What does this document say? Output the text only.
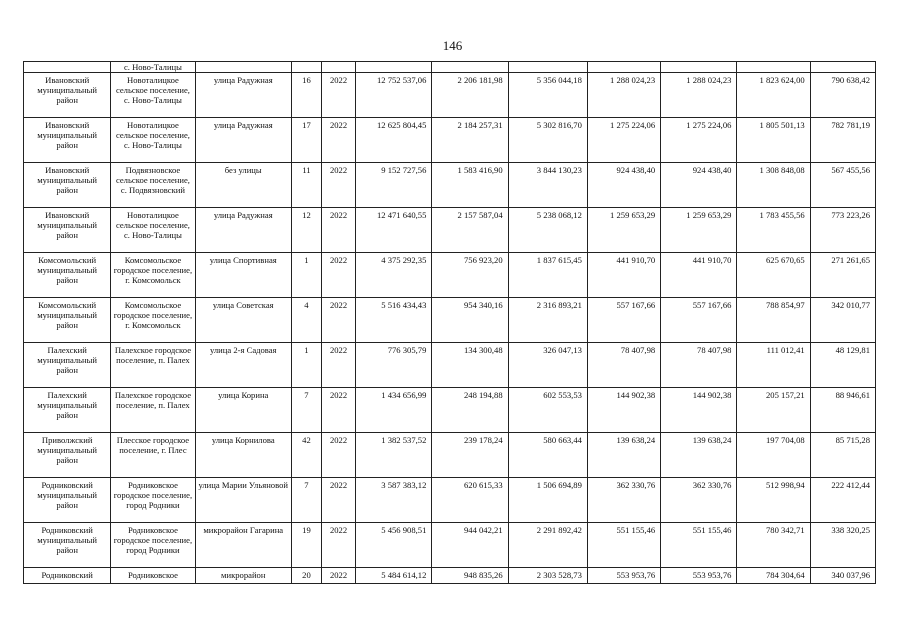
146
	с. Ново-Талицы										
Ивановский муниципальный район	Новоталицкое сельское поселение, с. Ново-Талицы	улица Радужная	16	2022	12 752 537,06	2 206 181,98	5 356 044,18	1 288 024,23	1 288 024,23	1 823 624,00	790 638,42
Ивановский муниципальный район	Новоталицкое сельское поселение, с. Ново-Талицы	улица Радужная	17	2022	12 625 804,45	2 184 257,31	5 302 816,70	1 275 224,06	1 275 224,06	1 805 501,13	782 781,19
Ивановский муниципальный район	Подвязновское сельское поселение, с. Подвязновский	без улицы	11	2022	9 152 727,56	1 583 416,90	3 844 130,23	924 438,40	924 438,40	1 308 848,08	567 455,56
Ивановский муниципальный район	Новоталицкое сельское поселение, с. Ново-Талицы	улица Радужная	12	2022	12 471 640,55	2 157 587,04	5 238 068,12	1 259 653,29	1 259 653,29	1 783 455,56	773 223,26
Комсомольский муниципальный район	Комсомольское городское поселение, г. Комсомольск	улица Спортивная	1	2022	4 375 292,35	756 923,20	1 837 615,45	441 910,70	441 910,70	625 670,65	271 261,65
Комсомольский муниципальный район	Комсомольское городское поселение, г. Комсомольск	улица Советская	4	2022	5 516 434,43	954 340,16	2 316 893,21	557 167,66	557 167,66	788 854,97	342 010,77
Палехский муниципальный район	Палехское городское поселение, п. Палех	улица 2-я Садовая	1	2022	776 305,79	134 300,48	326 047,13	78 407,98	78 407,98	111 012,41	48 129,81
Палехский муниципальный район	Палехское городское поселение, п. Палех	улица Корина	7	2022	1 434 656,99	248 194,88	602 553,53	144 902,38	144 902,38	205 157,21	88 946,61
Приволжский муниципальный район	Плесское городское поселение, г. Плес	улица Корнилова	42	2022	1 382 537,52	239 178,24	580 663,44	139 638,24	139 638,24	197 704,08	85 715,28
Родниковский муниципальный район	Родниковское городское поселение, город Родники	улица Марии Ульяновой	7	2022	3 587 383,12	620 615,33	1 506 694,89	362 330,76	362 330,76	512 998,94	222 412,44
Родниковский муниципальный район	Родниковское городское поселение, город Родники	микрорайон Гагарина	19	2022	5 456 908,51	944 042,21	2 291 892,42	551 155,46	551 155,46	780 342,71	338 320,25
Родниковский	Родниковское	микрорайон	20	2022	5 484 614,12	948 835,26	2 303 528,73	553 953,76	553 953,76	784 304,64	340 037,96
